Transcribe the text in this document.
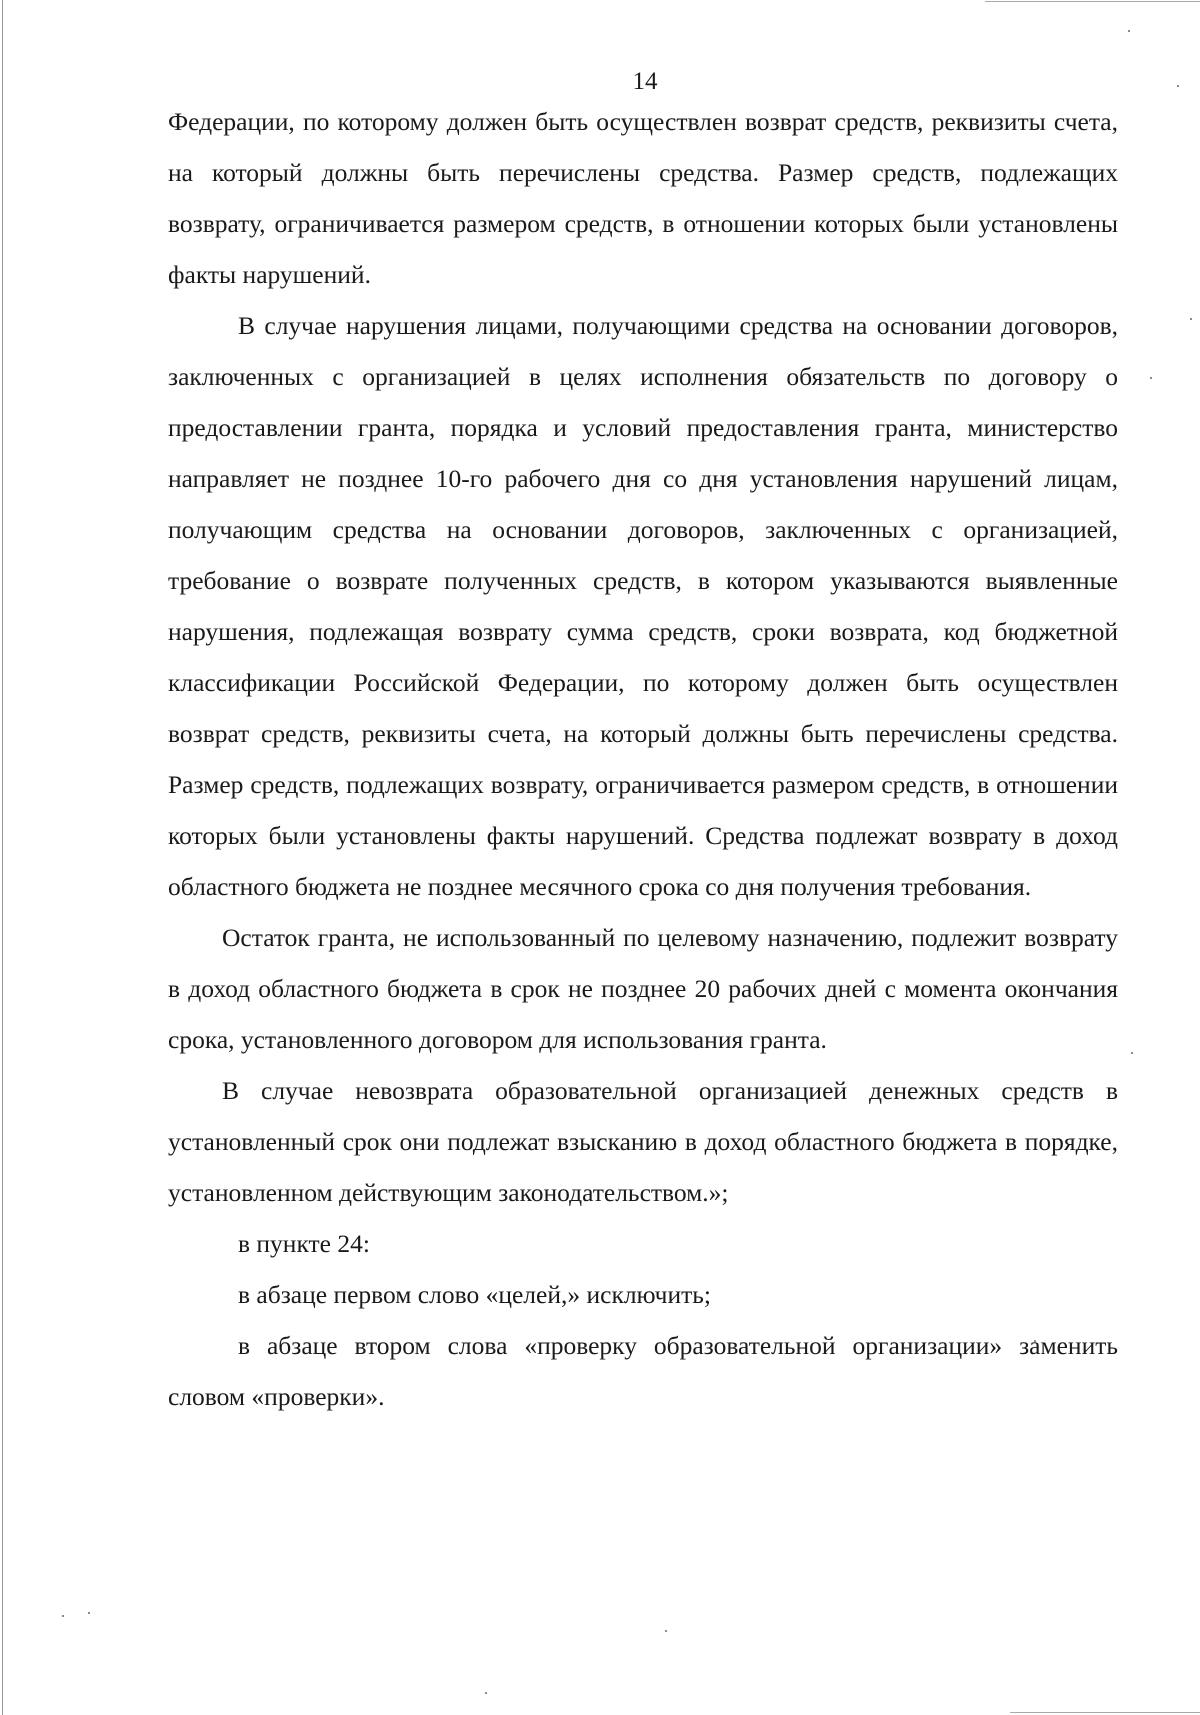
14

Федерации, по которому должен быть осуществлен возврат средств, реквизиты счета, на который должны быть перечислены средства. Размер средств, подлежащих возврату, ограничивается размером средств, в отношении которых были установлены факты нарушений.

В случае нарушения лицами, получающими средства на основании договоров, заключенных с организацией в целях исполнения обязательств по договору о предоставлении гранта, порядка и условий предоставления гранта, министерство направляет не позднее 10-го рабочего дня со дня установления нарушений лицам, получающим средства на основании договоров, заключенных с организацией, требование о возврате полученных средств, в котором указываются выявленные нарушения, подлежащая возврату сумма средств, сроки возврата, код бюджетной классификации Российской Федерации, по которому должен быть осуществлен возврат средств, реквизиты счета, на который должны быть перечислены средства. Размер средств, подлежащих возврату, ограничивается размером средств, в отношении которых были установлены факты нарушений. Средства подлежат возврату в доход областного бюджета не позднее месячного срока со дня получения требования.

Остаток гранта, не использованный по целевому назначению, подлежит возврату в доход областного бюджета в срок не позднее 20 рабочих дней с момента окончания срока, установленного договором для использования гранта.

В случае невозврата образовательной организацией денежных средств в установленный срок они подлежат взысканию в доход областного бюджета в порядке, установленном действующим законодательством.»;

в пункте 24:

в абзаце первом слово «целей,» исключить;

в абзаце втором слова «проверку образовательной организации» заменить словом «проверки».
